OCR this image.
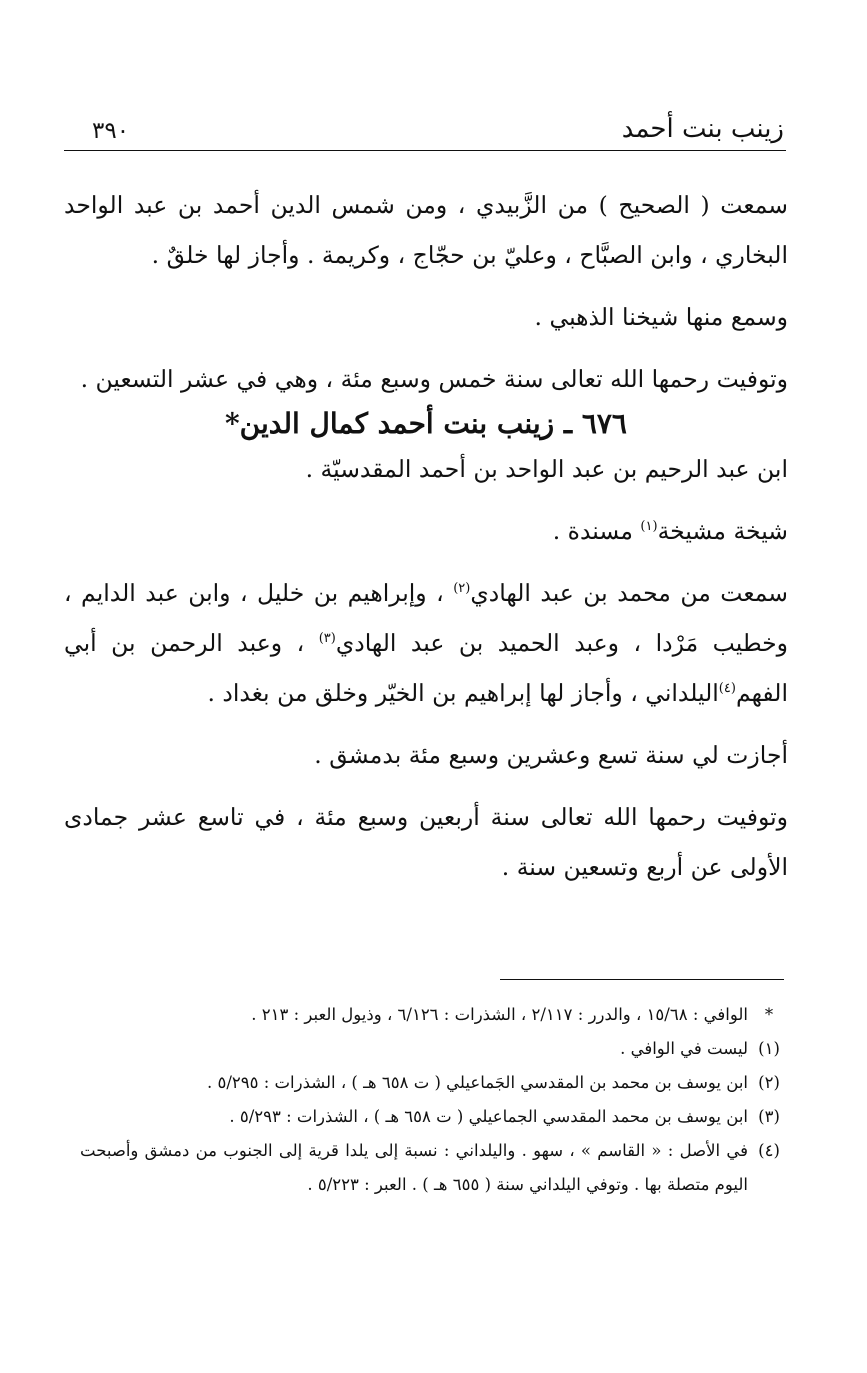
زينب بنت أحمد
٣٩٠

سمعت ( الصحيح ) من الزَّبيدي ، ومن شمس الدين أحمد بن عبد الواحد البخاري ، وابن الصبَّاح ، وعليّ بن حجّاج ، وكريمة . وأجاز لها خلقٌ .

وسمع منها شيخنا الذهبي .

وتوفيت رحمها الله تعالى سنة خمس وسبع مئة ، وهي في عشر التسعين .

٦٧٦ ـ زينب بنت أحمد كمال الدين*

ابن عبد الرحيم بن عبد الواحد بن أحمد المقدسيّة .

شيخة مشيخة$^{(١)}$ مسندة .

سمعت من محمد بن عبد الهادي$^{(٢)}$ ، وإبراهيم بن خليل ، وابن عبد الدايم ، وخطيب مَرْدا ، وعبد الحميد بن عبد الهادي$^{(٣)}$ ، وعبد الرحمن بن أبي الفهم$^{(٤)}$اليلداني ، وأجاز لها إبراهيم بن الخيّر وخلق من بغداد .

أجازت لي سنة تسع وعشرين وسبع مئة بدمشق .

وتوفيت رحمها الله تعالى سنة أربعين وسبع مئة ، في تاسع عشر جمادى الأولى عن أربع وتسعين سنة .

*
الوافي : ١٥/٦٨ ، والدرر : ٢/١١٧ ، الشذرات : ٦/١٢٦ ، وذيول العبر : ٢١٣ .
(١)
ليست في الوافي .
(٢)
ابن يوسف بن محمد بن المقدسي الجَماعيلي ( ت ٦٥٨ هـ ) ، الشذرات : ٥/٢٩٥ .
(٣)
ابن يوسف بن محمد المقدسي الجماعيلي ( ت ٦٥٨ هـ ) ، الشذرات : ٥/٢٩٣ .
(٤)
في الأصل : « القاسم » ، سهو . واليلداني : نسبة إلى يلدا قرية إلى الجنوب من دمشق وأصبحت اليوم متصلة بها . وتوفي اليلداني سنة ( ٦٥٥ هـ ) . العبر : ٥/٢٢٣ .
